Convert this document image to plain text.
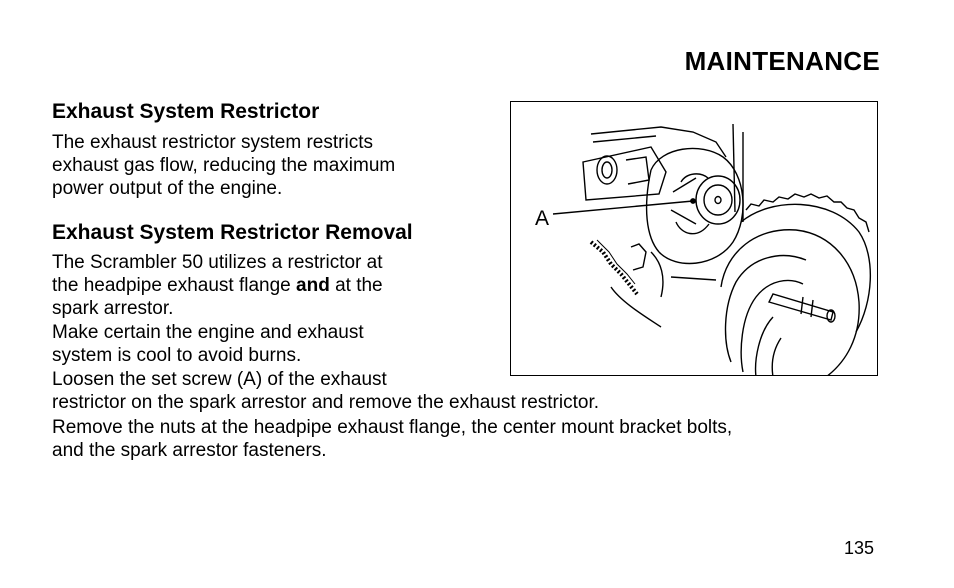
MAINTENANCE
Exhaust System Restrictor

The exhaust restrictor system restricts
exhaust gas flow, reducing the maximum
power output of the engine.

Exhaust System Restrictor Removal

The Scrambler 50 utilizes a restrictor at
the headpipe exhaust flange and at the
spark arrestor.

Make certain the engine and exhaust
system is cool to avoid burns.

Loosen the set screw (A) of the exhaust
restrictor on the spark arrestor and remove the exhaust restrictor.

Remove the nuts at the headpipe exhaust flange, the center mount bracket bolts,
and the spark arrestor fasteners.

A
135
